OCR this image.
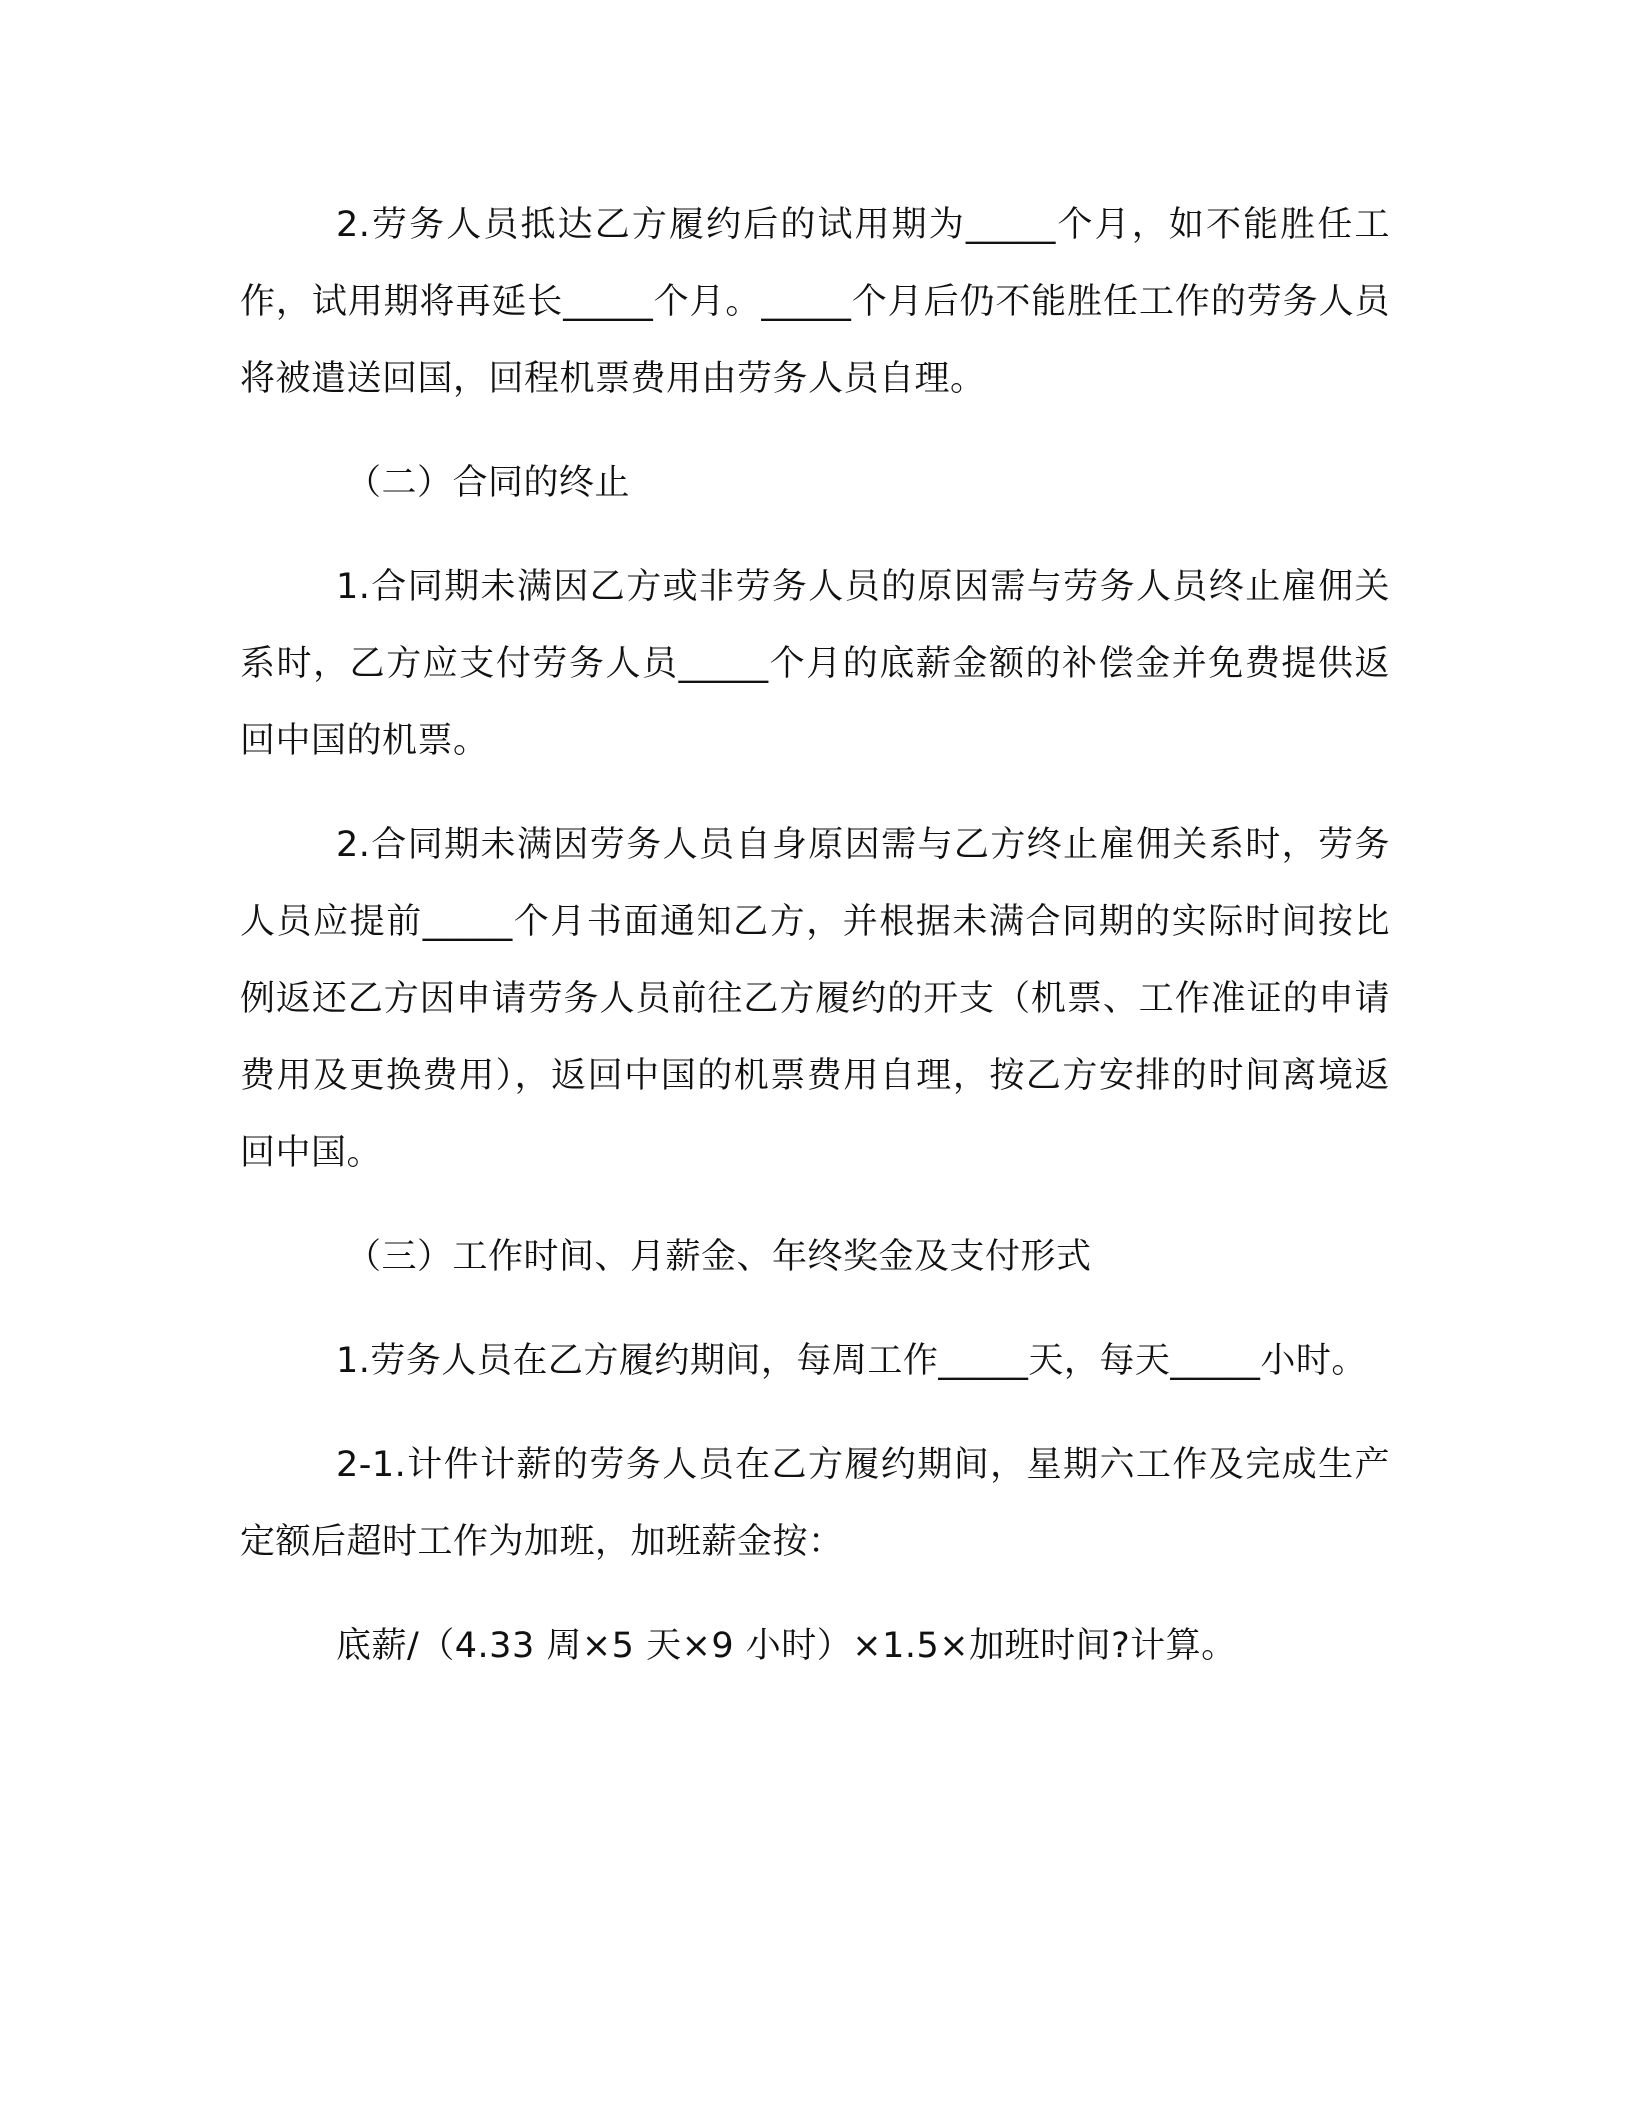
2.劳务人员抵达乙方履约后的试用期为_____个月，如不能胜任工作，试用期将再延长_____个月。_____个月后仍不能胜任工作的劳务人员将被遣送回国，回程机票费用由劳务人员自理。

（二）合同的终止

1.合同期未满因乙方或非劳务人员的原因需与劳务人员终止雇佣关系时，乙方应支付劳务人员_____个月的底薪金额的补偿金并免费提供返回中国的机票。

2.合同期未满因劳务人员自身原因需与乙方终止雇佣关系时，劳务人员应提前_____个月书面通知乙方，并根据未满合同期的实际时间按比例返还乙方因申请劳务人员前往乙方履约的开支（机票、工作准证的申请费用及更换费用），返回中国的机票费用自理，按乙方安排的时间离境返回中国。

（三）工作时间、月薪金、年终奖金及支付形式

1.劳务人员在乙方履约期间，每周工作_____天，每天_____小时。

2-1.计件计薪的劳务人员在乙方履约期间，星期六工作及完成生产定额后超时工作为加班，加班薪金按：

底薪/（4.33 周×5 天×9 小时）×1.5×加班时间?计算。
